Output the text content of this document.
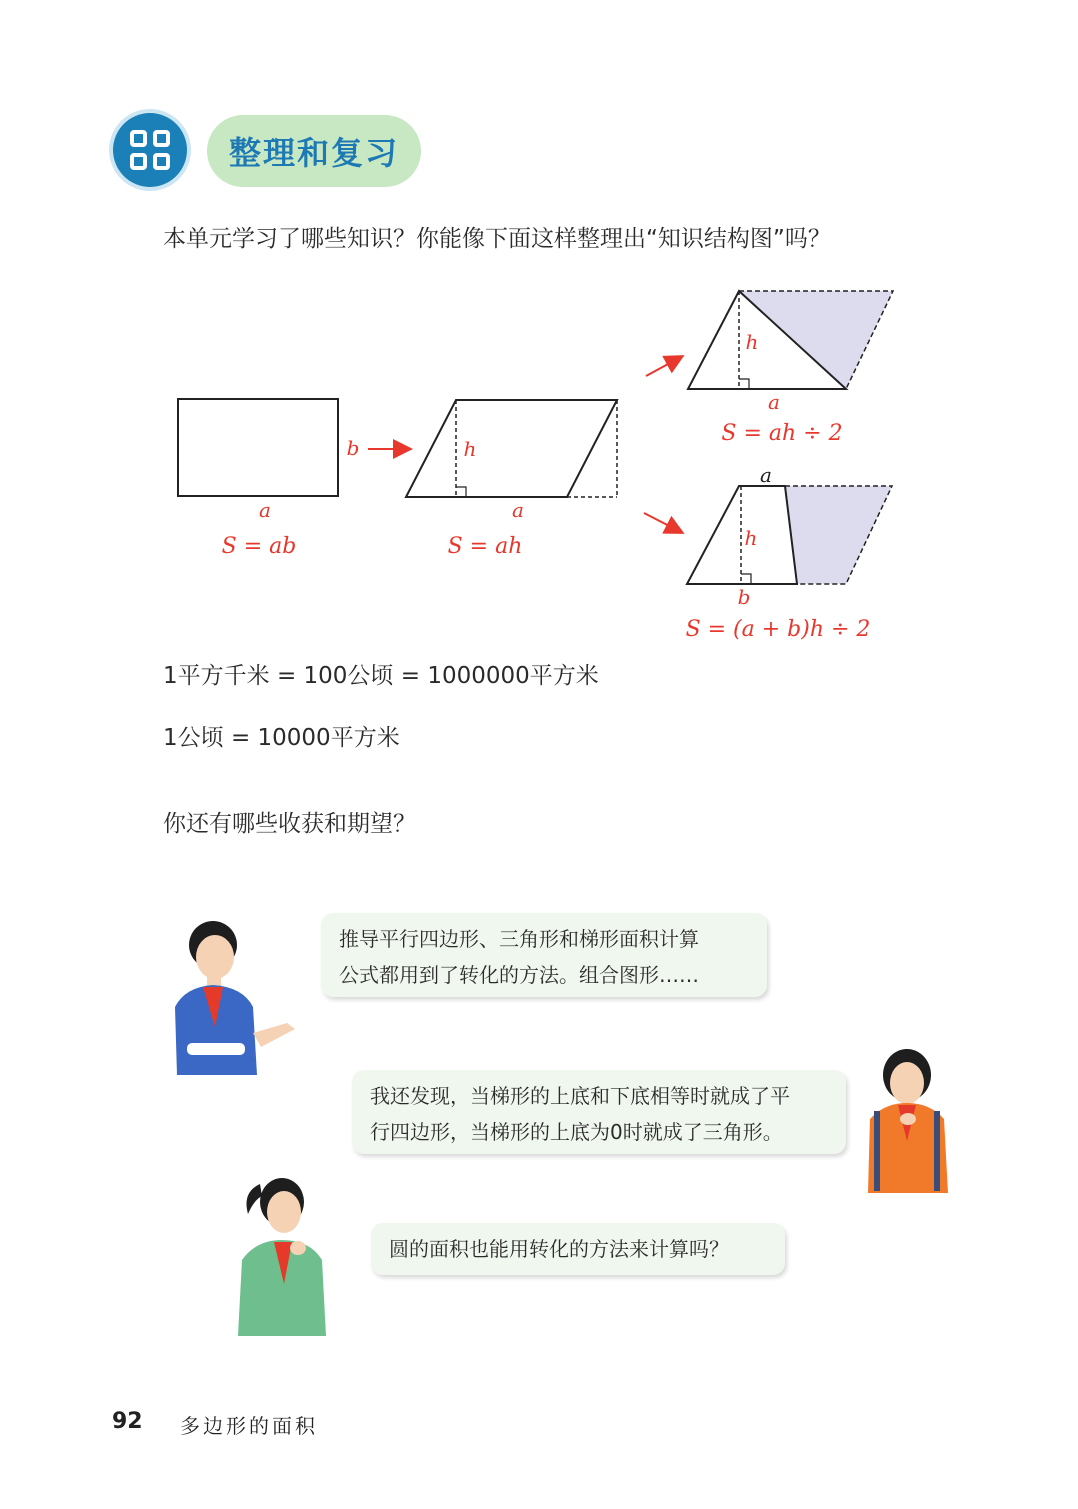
整理和复习
本单元学习了哪些知识？你能像下面这样整理出“知识结构图”吗？
a
b
S = ab
h
a
S = ah
h
a
S = ah ÷ 2
a
h
b
S = (a + b)h ÷ 2
1平方千米 = 100公顷 = 1000000平方米
1公顷 = 10000平方米
你还有哪些收获和期望？
推导平行四边形、三角形和梯形面积计算
公式都用到了转化的方法。组合图形……
我还发现，当梯形的上底和下底相等时就成了平
行四边形，当梯形的上底为0时就成了三角形。
圆的面积也能用转化的方法来计算吗？
92 多边形的面积
